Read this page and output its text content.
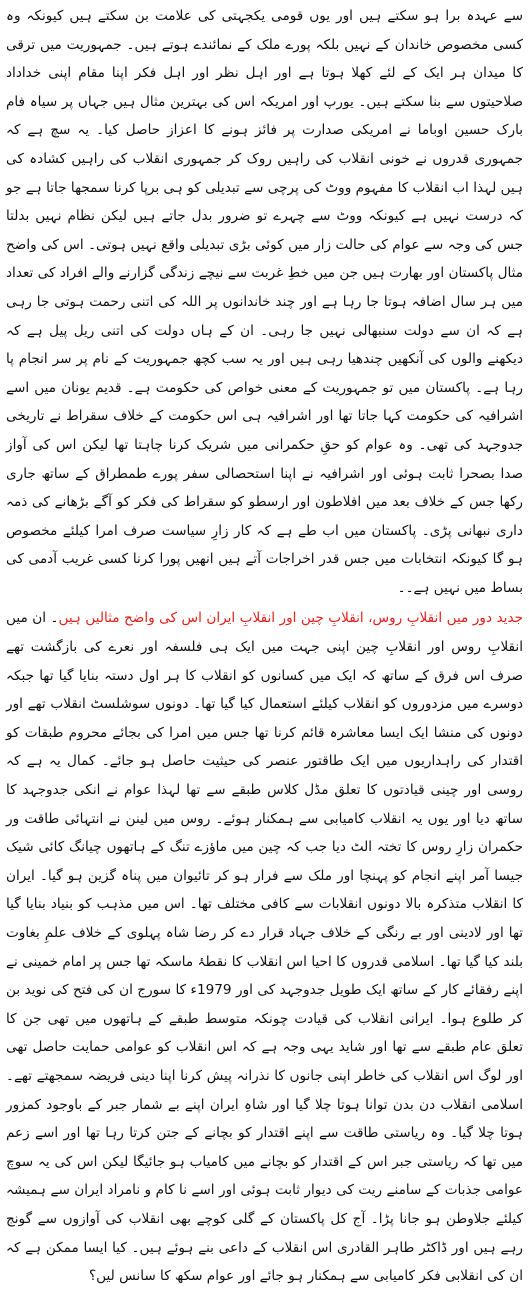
سے عہدہ برا ہو سکتے ہیں اور یوں قومی یکجہتی کی علامت بن سکتے ہیں کیونکہ وہ کسی مخصوص خاندان کے نہیں بلکہ پورے ملک کے نمائندے ہوتے ہیں۔ جمہوریت میں ترقی کا میدان ہر ایک کے لئے کھلا ہوتا ہے اور اہل نظر اور اہل فکر اپنا مقام اپنی خداداد صلاحیتوں سے بنا سکتے ہیں۔ یورپ اور امریکہ اس کی بہترین مثال ہیں جہاں پر سیاہ فام بارک حسین اوباما نے امریکی صدارت پر فائز ہونے کا اعزاز حاصل کیا۔ یہ سچ ہے کہ جمہوری قدروں نے خونی انقلاب کی راہیں روک کر جمہوری انقلاب کی راہیں کشادہ کی ہیں لہذا اب انقلاب کا مفہوم ووٹ کی پرچی سے تبدیلی کو ہی برپا کرنا سمجھا جاتا ہے جو کہ درست نہیں ہے کیونکہ ووٹ سے چہرے تو ضرور بدل جاتے ہیں لیکن نظام نہیں بدلتا جس کی وجہ سے عوام کی حالت زار میں کوئی بڑی تبدیلی واقع نہیں ہوتی۔ اس کی واضح مثال پاکستان اور بھارت ہیں جن میں خطِ غربت سے نیچے زندگی گزارنے والے افراد کی تعداد میں ہر سال اضافہ ہوتا جا رہا ہے اور چند خاندانوں پر اللہ کی اتنی رحمت ہوتی جا رہی ہے کہ ان سے دولت سنبھالی نہیں جا رہی۔ ان کے ہاں دولت کی اتنی ریل پیل ہے کہ دیکھنے والوں کی آنکھیں چندھیا رہی ہیں اور یہ سب کچھ جمہوریت کے نام پر سر انجام پا رہا ہے۔ پاکستان میں تو جمہوریت کے معنی خواص کی حکومت ہے۔ قدیم یونان میں اسے اشرافیہ کی حکومت کہا جاتا تھا اور اشرافیہ ہی اس حکومت کے خلاف سقراط نے تاریخی جدوجہد کی تھی۔ وہ عوام کو حقِ حکمرانی میں شریک کرنا چاہتا تھا لیکن اس کی آواز صدا بصحرا ثابت ہوئی اور اشرافیہ نے اپنا استحصالی سفر پورے طمطراق کے ساتھ جاری رکھا جس کے خلاف بعد میں افلاطون اور ارسطو کو سقراط کی فکر کو آگے بڑھانے کی ذمہ داری نبھانی پڑی۔ پاکستان میں اب طے ہے کہ کار زارِ سیاست صرف امرا کیلئے مخصوص ہو گا کیونکہ انتخابات میں جس قدر اخراجات آتے ہیں انھیں پورا کرنا کسی غریب آدمی کی بساط میں نہیں ہے۔۔

جدید دور میں انقلابِ روس، انقلابِ چین اور انقلابِ ایران اس کی واضح مثالیں ہیں۔ ان میں انقلابِ روس اور انقلابِ چین اپنی جہت میں ایک ہی فلسفہ اور نعرے کی بازگشت تھے صرف اس فرق کے ساتھ کہ ایک میں کسانوں کو انقلاب کا ہر اول دستہ بنایا گیا تھا جبکہ دوسرے میں مزدوروں کو انقلاب کیلئے استعمال کیا گیا تھا۔ دونوں سوشلسٹ انقلاب تھے اور دونوں کی منشا ایک ایسا معاشرہ قائم کرنا تھا جس میں امرا کی بجائے محروم طبقات کو اقتدار کی راہداریوں میں ایک طاقتور عنصر کی حیثیت حاصل ہو جائے۔ کمال یہ ہے کہ روسی اور چینی قیادتوں کا تعلق مڈل کلاس طبقے سے تھا لہذا عوام نے انکی جدوجہد کا ساتھ دیا اور یوں یہ انقلاب کامیابی سے ہمکنار ہوئے۔ روس میں لینن نے انتہائی طاقت ور حکمران زارِ روس کا تختہ الٹ دیا جب کہ چین میں ماؤزے تنگ کے ہاتھوں چیانگ کائی شیک جیسا آمر اپنے انجام کو پہنچا اور ملک سے فرار ہو کر تائیوان میں پناہ گزین ہو گیا۔ ایران کا انقلاب متذکرہ بالا دونوں انقلابات سے کافی مختلف تھا۔ اس میں مذہب کو بنیاد بنایا گیا تھا اور لادینی اور بے رنگی کے خلاف جہاد قرار دے کر رضا شاہ پہلوی کے خلاف علمِ بغاوت بلند کیا گیا تھا۔ اسلامی قدروں کا احیا اس انقلاب کا نقطۂ ماسکہ تھا جس پر امام خمینی نے اپنے رفقائے کار کے ساتھ ایک طویل جدوجہد کی اور 1979ء کا سورج ان کی فتح کی نوید بن کر طلوع ہوا۔ ایرانی انقلاب کی قیادت چونکہ متوسط طبقے کے ہاتھوں میں تھی جن کا تعلق عام طبقے سے تھا اور شاید یہی وجہ ہے کہ اس انقلاب کو عوامی حمایت حاصل تھی اور لوگ اس انقلاب کی خاطر اپنی جانوں کا نذرانہ پیش کرنا اپنا دینی فریضہ سمجھتے تھے۔ اسلامی انقلاب دن بدن توانا ہوتا چلا گیا اور شاہِ ایران اپنے بے شمار جبر کے باوجود کمزور ہوتا چلا گیا۔ وہ ریاستی طاقت سے اپنے اقتدار کو بچانے کے جتن کرتا رہا تھا اور اسے زعم میں تھا کہ ریاستی جبر اس کے اقتدار کو بچانے میں کامیاب ہو جائیگا لیکن اس کی یہ سوچ عوامی جذبات کے سامنے ریت کی دیوار ثابت ہوئی اور اسے نا کام و نامراد ایران سے ہمیشہ کیلئے جلاوطن ہو جانا پڑا۔ آج کل پاکستان کے گلی کوچے بھی انقلاب کی آوازوں سے گونج رہے ہیں اور ڈاکٹر طاہر القادری اس انقلاب کے داعی بنے ہوئے ہیں۔ کیا ایسا ممکن ہے کہ ان کی انقلابی فکر کامیابی سے ہمکنار ہو جائے اور عوام سکھ کا سانس لیں؟
